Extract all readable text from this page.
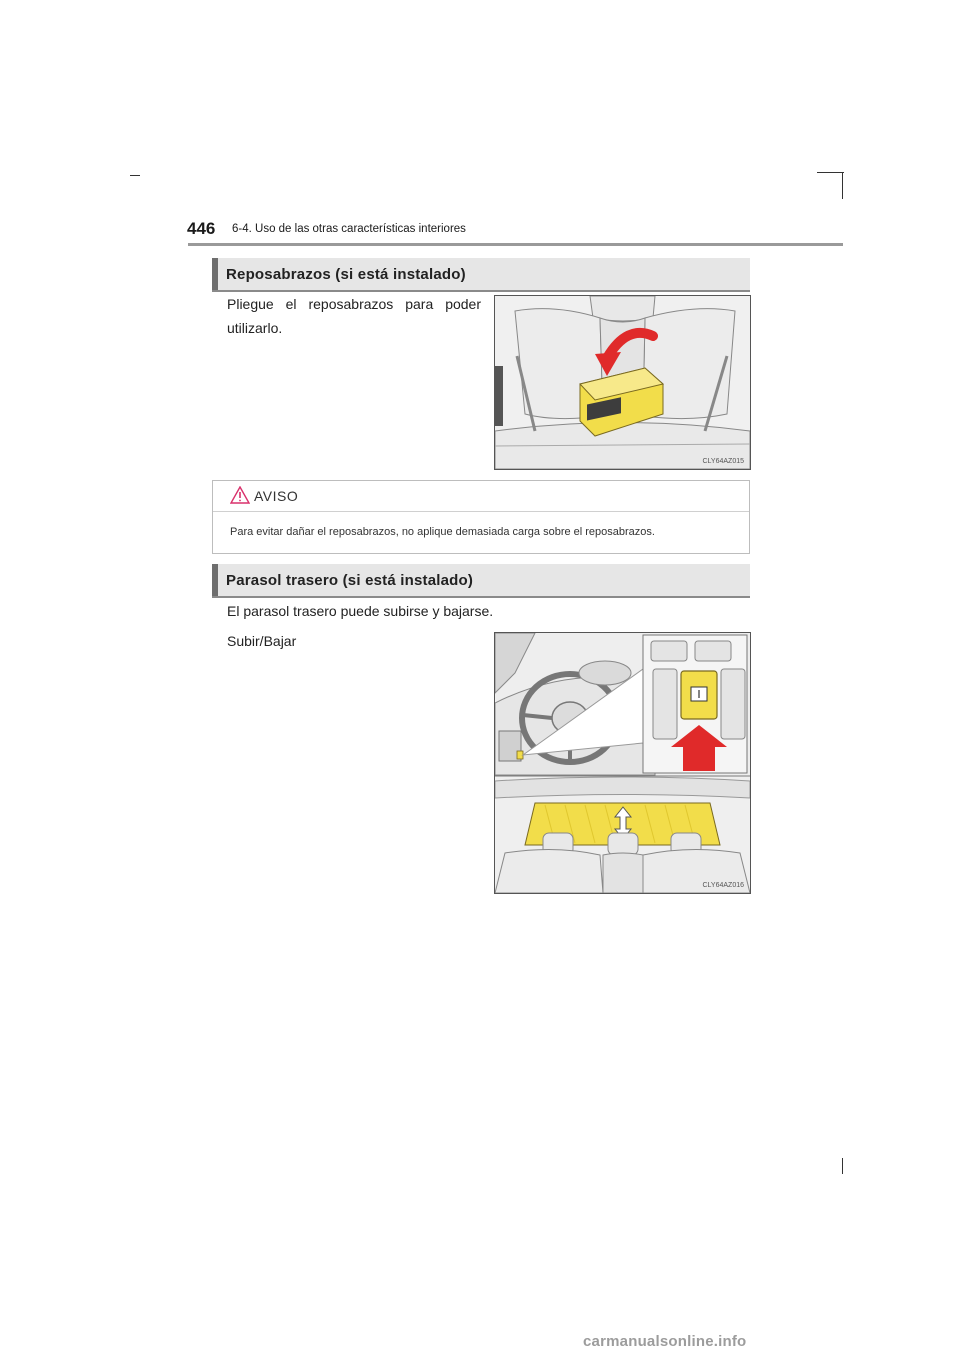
446 6-4. Uso de las otras características interiores
Reposabrazos (si está instalado)
Pliegue el reposabrazos para poder utilizarlo.
CLY64AZ015
AVISO
Para evitar dañar el reposabrazos, no aplique demasiada carga sobre el reposabrazos.
Parasol trasero (si está instalado)
El parasol trasero puede subirse y bajarse.
Subir/Bajar
CLY64AZ016
carmanualsonline.info
